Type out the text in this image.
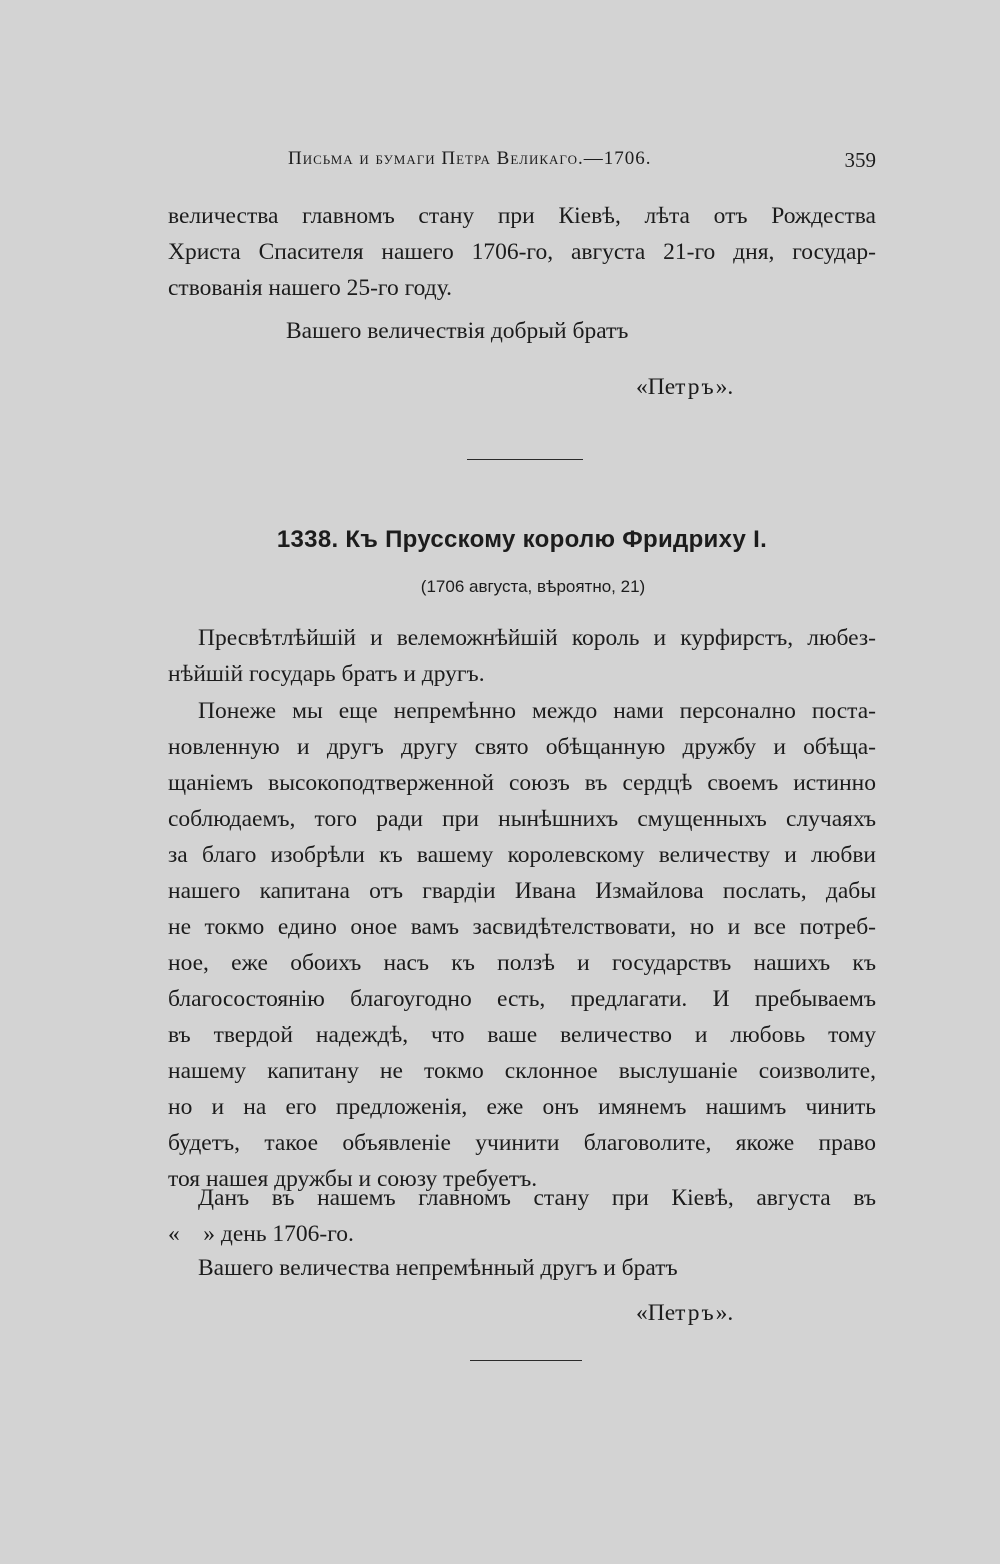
Письма и бумаги Петра Великаго.—1706.	359
величества главномъ стану при Кіевѣ, лѣта отъ Рождества
Христа Спасителя нашего 1706-го, августа 21-го дня, государ-
ствованія нашего 25-го году.
Вашего величествія добрый братъ
«Петръ».
1338. Къ Прусскому королю Фридриху I.
(1706 августа, вѣроятно, 21)
Пресвѣтлѣйшій и велеможнѣйшій король и курфирстъ, любез-
нѣйшій государь братъ и другъ.
Понеже мы еще непремѣнно междо нами персонално поста-
новленную и другъ другу свято обѣщанную дружбу и обѣща-
щаніемъ высокоподтверженной союзъ въ сердцѣ своемъ истинно
соблюдаемъ, того ради при нынѣшнихъ смущенныхъ случаяхъ
за благо изобрѣли къ вашему королевскому величеству и любви
нашего капитана отъ гвардіи Ивана Измайлова послать, дабы
не токмо едино оное вамъ засвидѣтелствовати, но и все потреб-
ное, еже обоихъ насъ къ ползѣ и государствъ нашихъ къ
благосостоянію благоугодно есть, предлагати. И пребываемъ
въ твердой надеждѣ, что ваше величество и любовь тому
нашему капитану не токмо склонное выслушаніе соизволите,
но и на его предложенія, еже онъ имянемъ нашимъ чинить
будетъ, такое объявленіе учинити благоволите, якоже право
тоя нашея дружбы и союзу требуетъ.
Данъ въ нашемъ главномъ стану при Кіевѣ, августа въ
«    » день 1706-го.
Вашего величества непремѣнный другъ и братъ
«Петръ».
